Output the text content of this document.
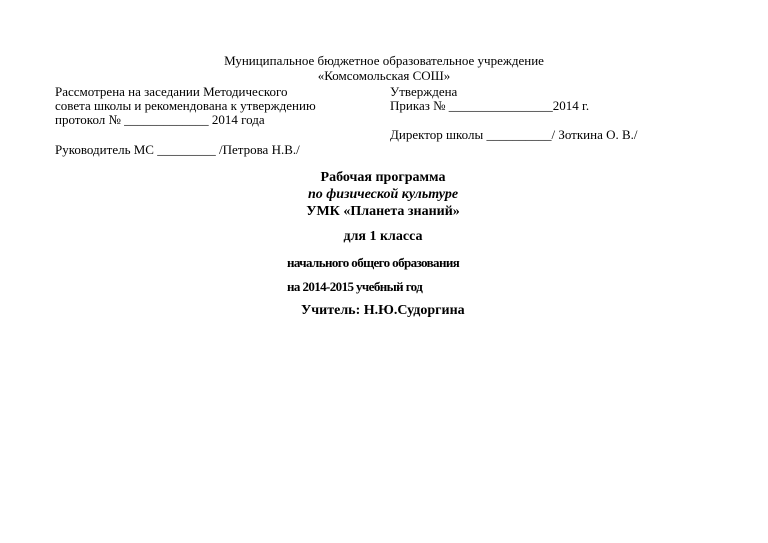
Муниципальное бюджетное образовательное учреждение
«Комсомольская СОШ»
Рассмотрена на заседании Методического
совета школы и рекомендована к утверждению
протокол № _____________ 2014 года
Руководитель МС _________ /Петрова Н.В./
Утверждена
Приказ № ________________2014 г.
Директор школы __________/ Зоткина О. В./
Рабочая программа
по физической культуре
УМК «Планета знаний»
для 1 класса
начального общего образования
на 2014-2015 учебный год
Учитель: Н.Ю.Судоргина
